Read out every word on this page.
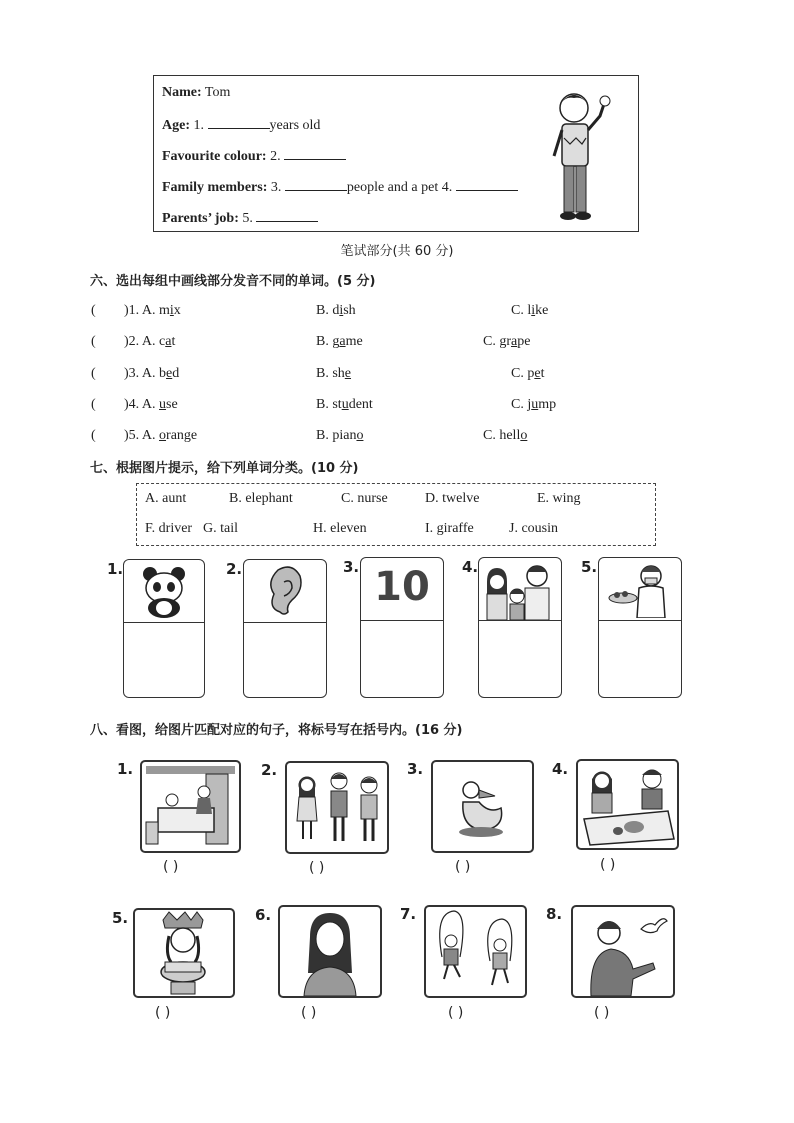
Name: Tom
Age: 1.	years old
Favourite colour: 2.
Family members: 3.	people and a pet 4.
Parents’ job: 5.
笔试部分(共 60 分)
六、选出每组中画线部分发音不同的单词。(5 分)
( )1. A. mix	B. dish	C. like
( )2. A. cat	B. game	C. grape
( )3. A. bed	B. she	C. pet
( )4. A. use	B. student	C. jump
( )5. A. orange	B. piano	C. hello
七、根据图片提示，给下列单词分类。(10 分)
A. aunt	B. elephant	C. nurse	D. twelve	E. wing
F. driver G. tail	H. eleven	I. giraffe	J. cousin
1.	2.	3. 10	4.	5.
八、看图，给图片匹配对应的句子，将标号写在括号内。(16 分)
1.
( )
2.
( )
3.
( )
4.
( )
5.
( )
6.
( )
7.
( )
8.
( )
